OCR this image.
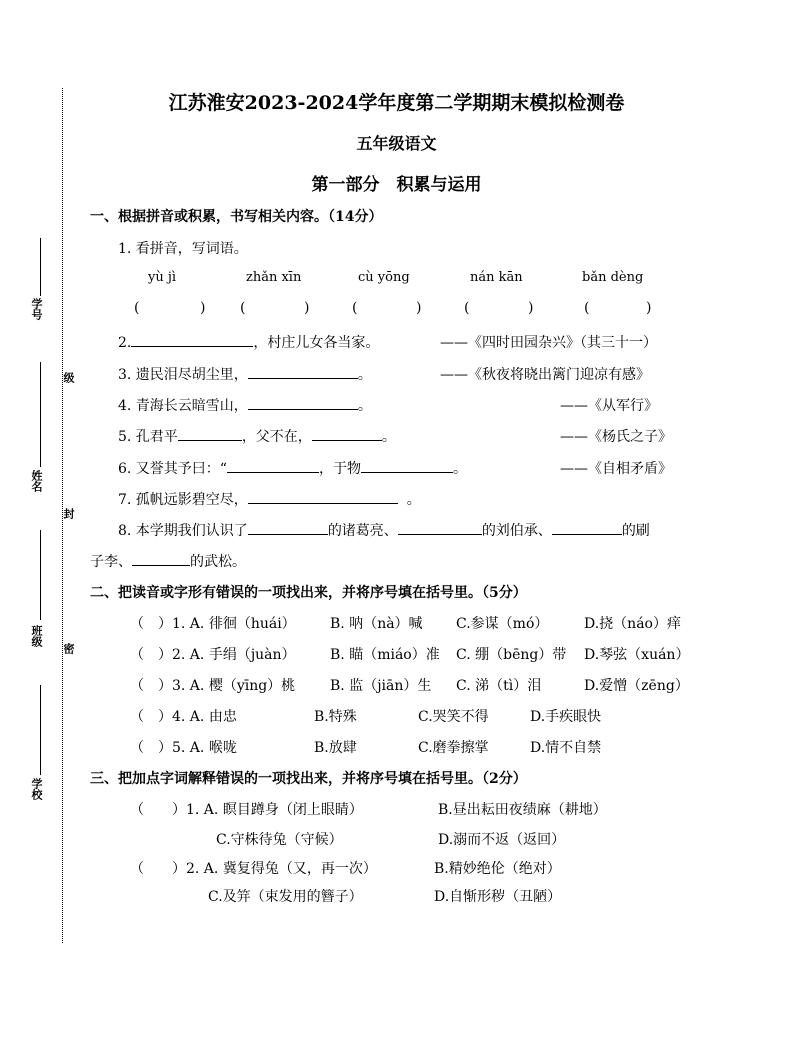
学号
级
姓名
封
班级
密
学校
江苏淮安2023-2024学年度第二学期期末模拟检测卷
五年级语文
第一部分　积累与运用
一、根据拼音或积累，书写相关内容。（14分）
1. 看拼音，写词语。
yù jì	zhǎn xīn	cù yōng	nán kān	bǎn dèng
(	) (	)	(	)	(	)	(	)
2.	，村庄儿女各当家。	——《四时田园杂兴》（其三十一）
3. 遗民泪尽胡尘里，	。	——《秋夜将晓出篱门迎凉有感》
4. 青海长云暗雪山，	。	——《从军行》
5. 孔君平	，父不在，	。	——《杨氏之子》
6. 又誉其予曰：“	，于物	。	——《自相矛盾》
7. 孤帆远影碧空尽，	。
8. 本学期我们认识了	的诸葛亮、	的刘伯承、	的刷
子李、	的武松。
二、把读音或字形有错误的一项找出来，并将序号填在括号里。（5分）
（　）1. A. 徘徊（huái） B. 呐（nà）喊 C.参谋（mó）	D.挠（náo）痒
（　）2. A. 手绢（juàn） B. 瞄（miáo）准 C. 绷（bēng）带 D.琴弦（xuán）
（　）3. A. 樱（yīng）桃 B. 监（jiān）生 C. 涕（tì）泪	D.爱憎（zēng）
（　）4. A. 由忠	B.特殊	C.哭笑不得	D.手疾眼快
（　）5. A. 喉咙	B.放肆	C.磨拳擦掌	D.情不自禁
三、把加点字词解释错误的一项找出来，并将序号填在括号里。（2分）
（　　）1. A. 瞑目蹲身（闭上眼睛）	B.昼出耘田夜绩麻（耕地）
C.守株待兔（守候）	D.溺而不返（返回）
（　　）2. A. 冀复得兔（又，再一次）	B.精妙绝伦（绝对）
C.及笄（束发用的簪子）	D.自惭形秽（丑陋）
